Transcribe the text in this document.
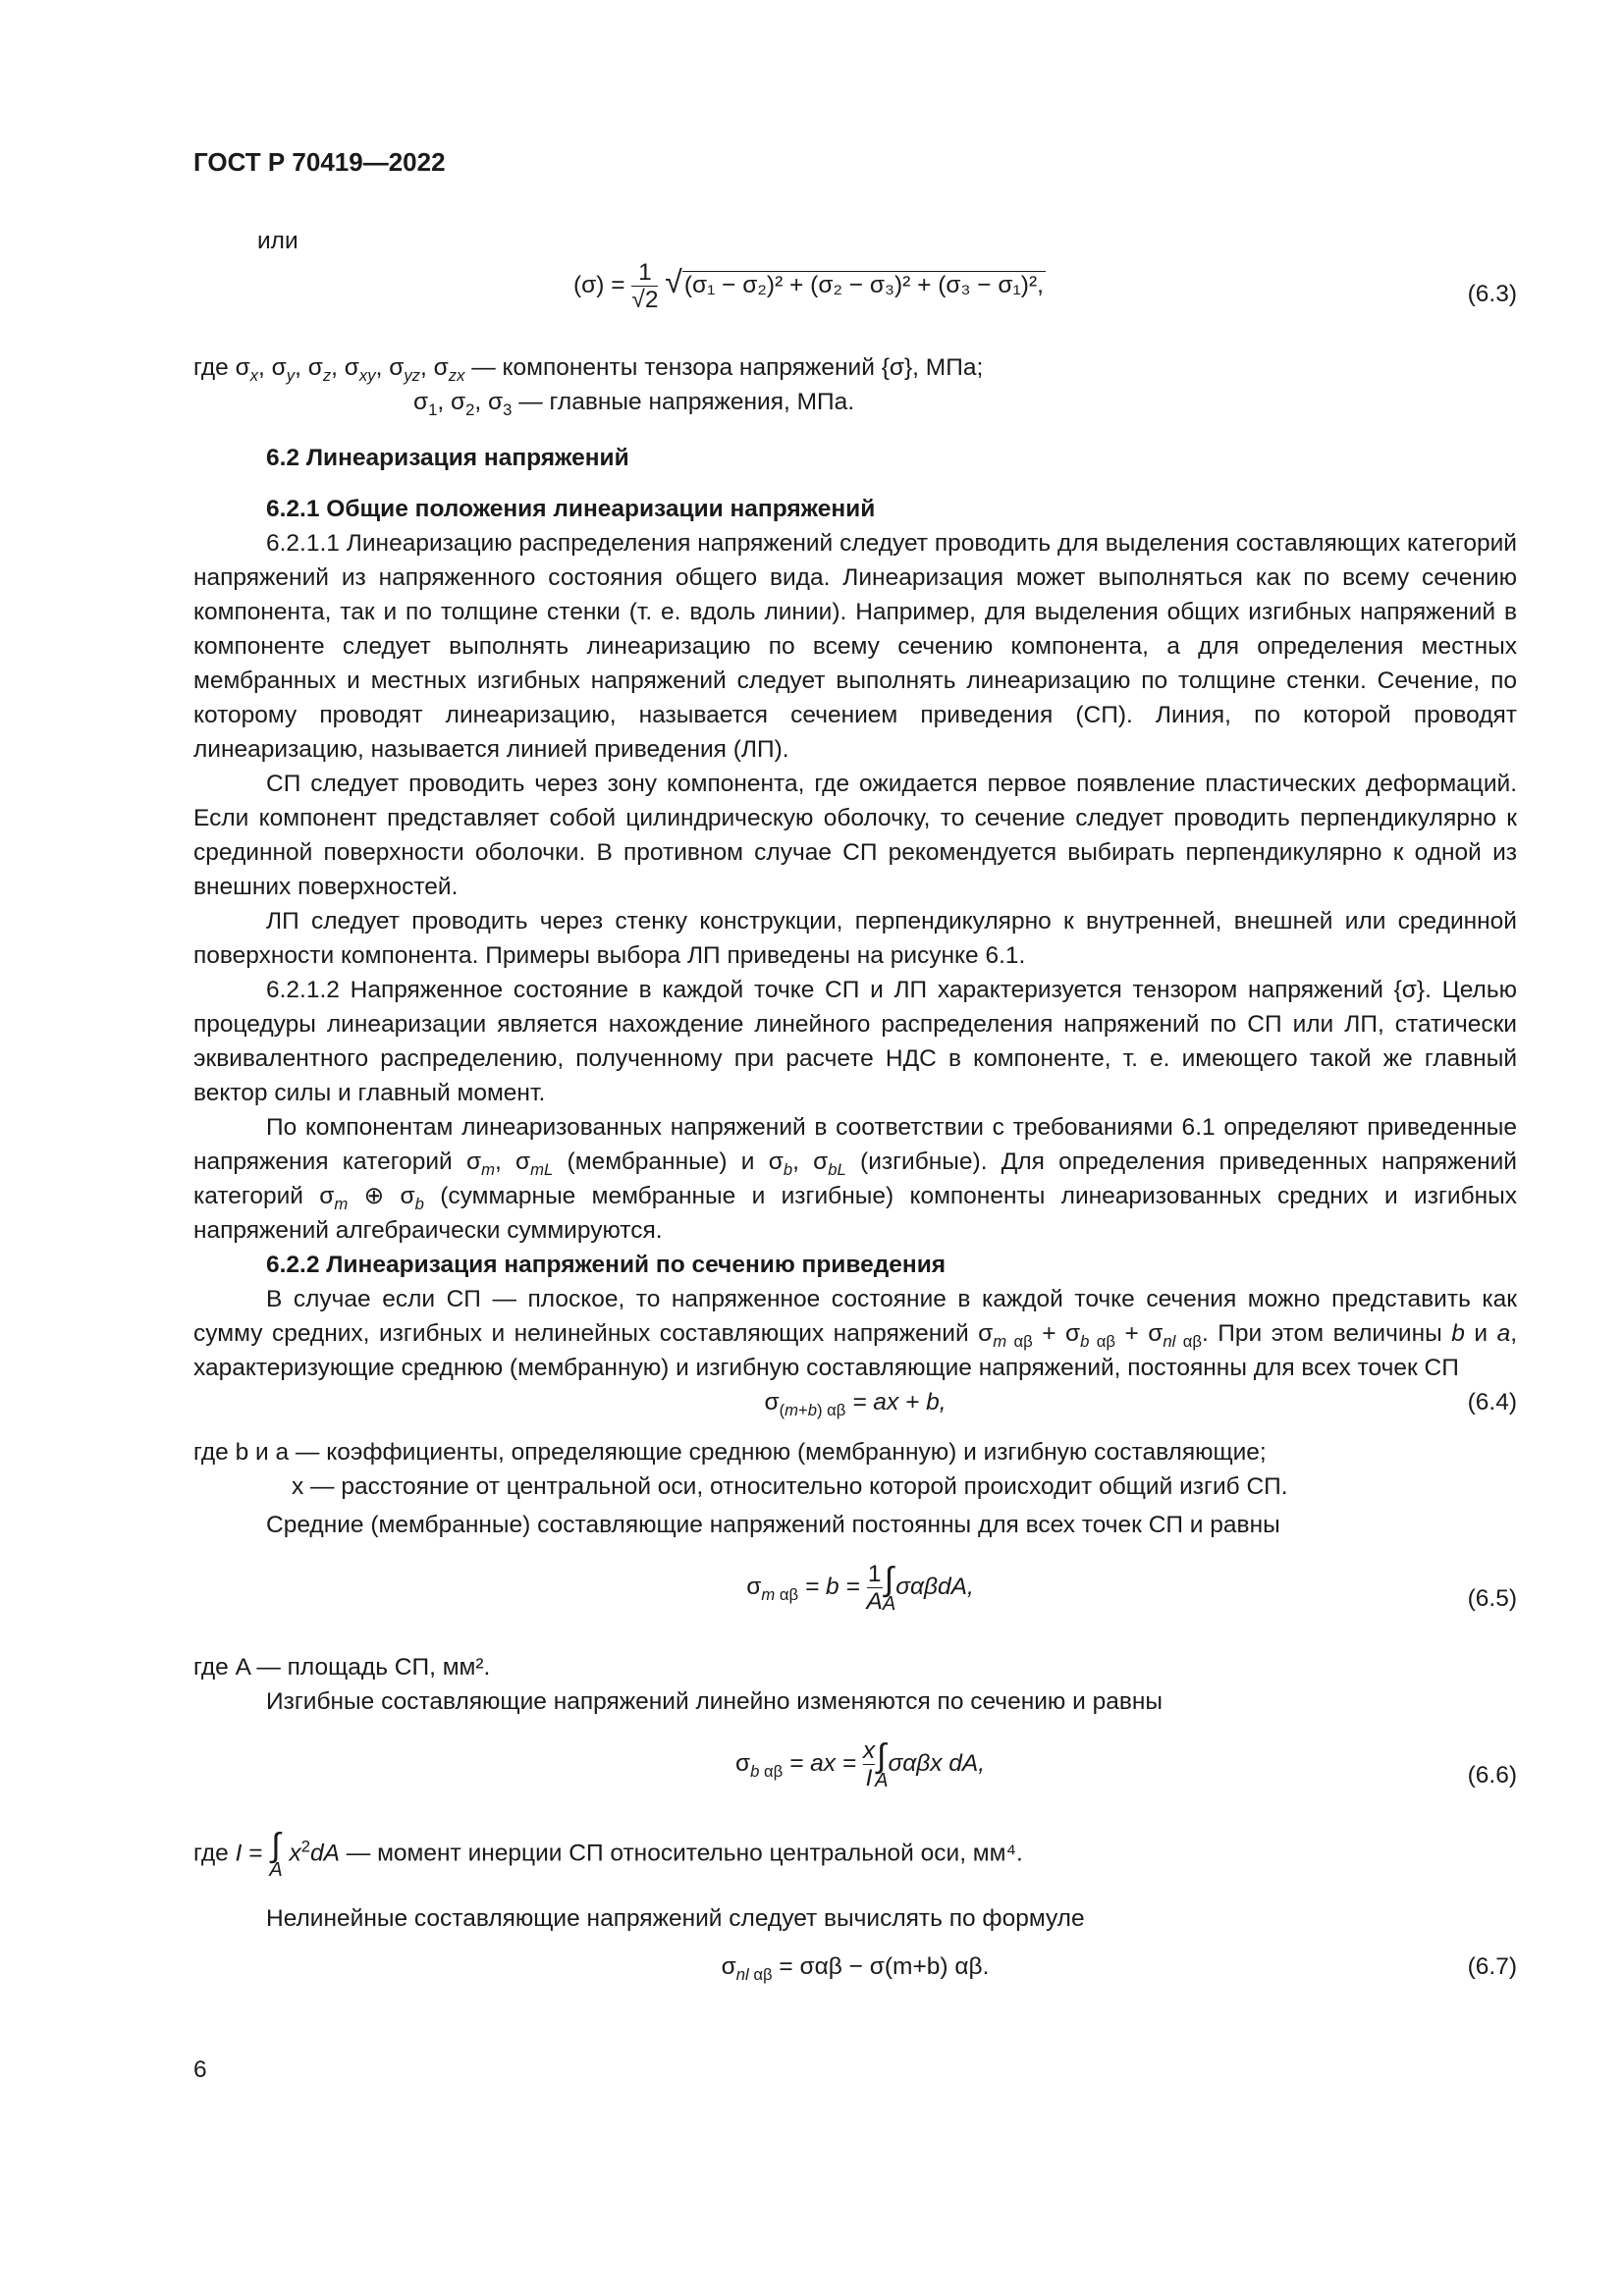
ГОСТ Р 70419—2022
или
$(\sigma) = \frac{1}{√2} √(\sigma_1 - \sigma_2)^2 + (\sigma_2 - \sigma_3)^2 + (\sigma_3 - \sigma_1)^2$,	(6.3)
где $\sigma_x$, $\sigma_y$, $\sigma_z$, $\sigma_{xy}$, $\sigma_{yz}$, $\sigma_{zx}$ — компоненты тензора напряжений {σ}, МПа;
$\sigma_1$, $\sigma_2$, $\sigma_3$ — главные напряжения, МПа.
6.2 Линеаризация напряжений
6.2.1 Общие положения линеаризации напряжений

6.2.1.1 Линеаризацию распределения напряжений следует проводить для выделения составляющих категорий напряжений из напряженного состояния общего вида. Линеаризация может выполняться как по всему сечению компонента, так и по толщине стенки (т. е. вдоль линии). Например, для выделения общих изгибных напряжений в компоненте следует выполнять линеаризацию по всему сечению компонента, а для определения местных мембранных и местных изгибных напряжений следует выполнять линеаризацию по толщине стенки. Сечение, по которому проводят линеаризацию, называется сечением приведения (СП). Линия, по которой проводят линеаризацию, называется линией приведения (ЛП).

СП следует проводить через зону компонента, где ожидается первое появление пластических деформаций. Если компонент представляет собой цилиндрическую оболочку, то сечение следует проводить перпендикулярно к срединной поверхности оболочки. В противном случае СП рекомендуется выбирать перпендикулярно к одной из внешних поверхностей.

ЛП следует проводить через стенку конструкции, перпендикулярно к внутренней, внешней или срединной поверхности компонента. Примеры выбора ЛП приведены на рисунке 6.1.

6.2.1.2 Напряженное состояние в каждой точке СП и ЛП характеризуется тензором напряжений {σ}. Целью процедуры линеаризации является нахождение линейного распределения напряжений по СП или ЛП, статически эквивалентного распределению, полученному при расчете НДС в компоненте, т. е. имеющего такой же главный вектор силы и главный момент.

По компонентам линеаризованных напряжений в соответствии с требованиями 6.1 определяют приведенные напряжения категорий $\sigma_m$, $\sigma_{mL}$ (мембранные) и $\sigma_b$, $\sigma_{bL}$ (изгибные). Для определения приведенных напряжений категорий $\sigma_m$ ⊕ $\sigma_b$ (суммарные мембранные и изгибные) компоненты линеаризованных средних и изгибных напряжений алгебраически суммируются.

6.2.2 Линеаризация напряжений по сечению приведения

В случае если СП — плоское, то напряженное состояние в каждой точке сечения можно представить как сумму средних, изгибных и нелинейных составляющих напряжений $\sigma_{m \alpha\beta} + \sigma_{b \alpha\beta} + \sigma_{nl \alpha\beta}$. При этом величины b и a, характеризующие среднюю (мембранную) и изгибную составляющие напряжений, постоянны для всех точек СП

$\sigma_{(m+b) \alpha\beta}$ = ax + b,	(6.4)
где b и a — коэффициенты, определяющие среднюю (мембранную) и изгибную составляющие;
x — расстояние от центральной оси, относительно которой происходит общий изгиб СП.
Средние (мембранные) составляющие напряжений постоянны для всех точек СП и равны
$\sigma_{m \alpha\beta} = b = \frac{1}{A}$ ∫
A
σαβdA,	(6.5)
где A — площадь СП, мм².
Изгибные составляющие напряжений линейно изменяются по сечению и равны
$\sigma_{b \alpha\beta}$ = ax = $\frac{x}{I}$ ∫
A
σαβx dA,	(6.6)
где I = ∫
A
$x^2dA$ — момент инерции СП относительно центральной оси, мм⁴.
Нелинейные составляющие напряжений следует вычислять по формуле
$\sigma_{nl \alpha\beta} = \sigma\alpha\beta - \sigma(m+b)$ αβ.	(6.7)
6
